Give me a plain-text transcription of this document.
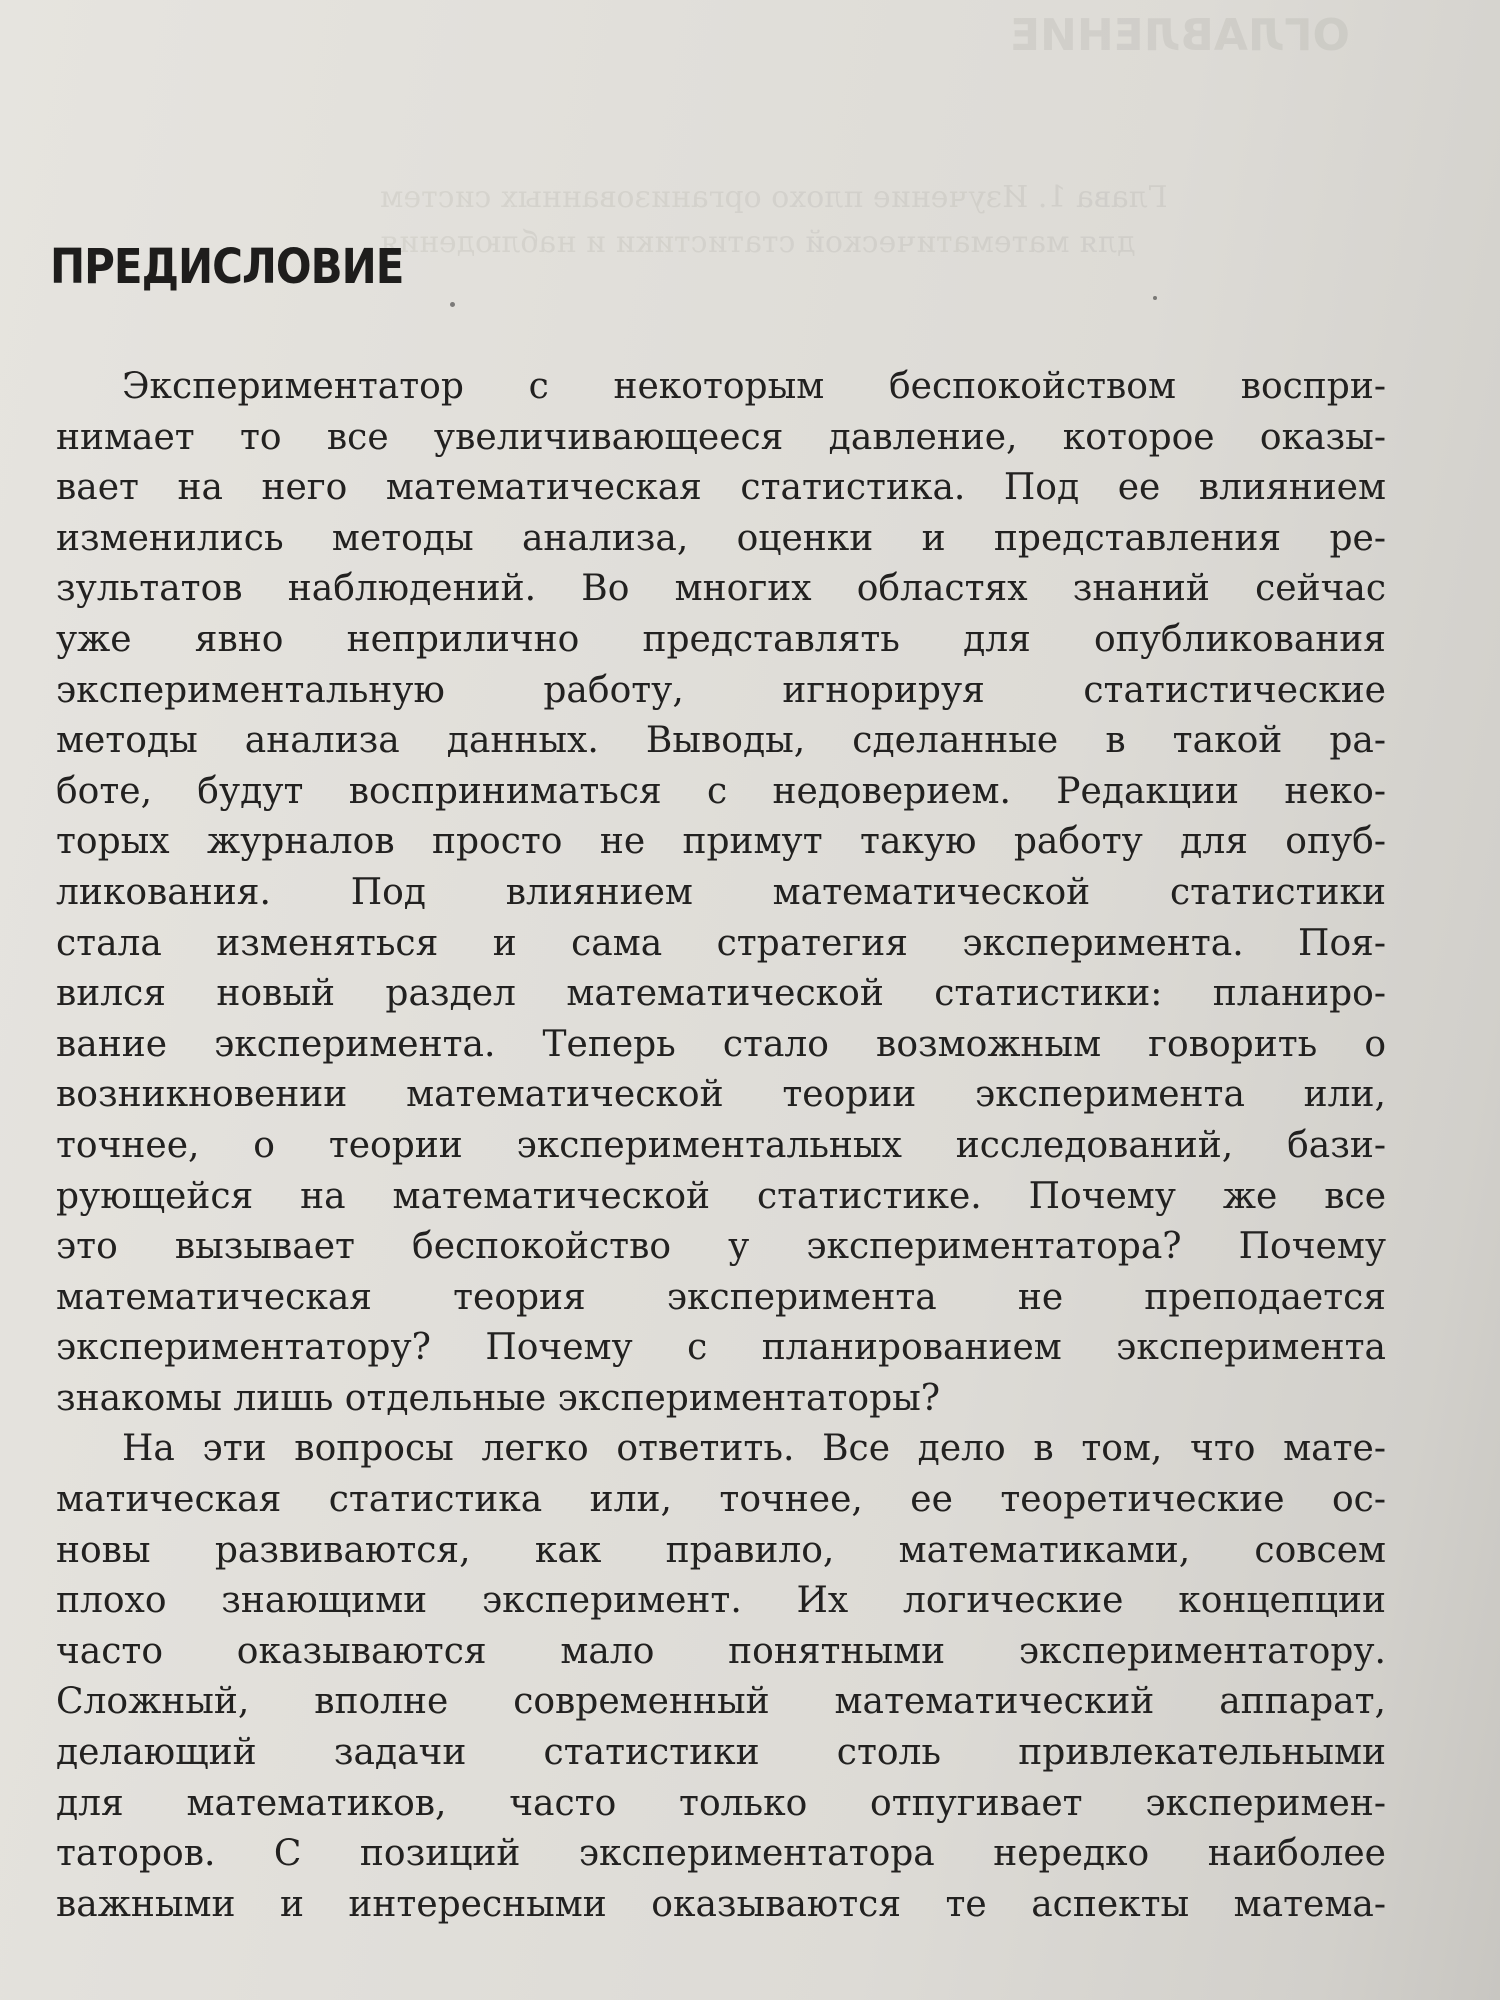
ОГЛАВЛЕНИЕ
Глава 1. Изучение плохо организованных систем
для математической статистики и наблюдения
ПРЕДИСЛОВИЕ
Экспериментатор с некоторым беспокойством воспри-
нимает то все увеличивающееся давление, которое оказы-
вает на него математическая статистика. Под ее влиянием
изменились методы анализа, оценки и представления ре-
зультатов наблюдений. Во многих областях знаний сейчас
уже явно неприлично представлять для опубликования
экспериментальную работу, игнорируя статистические
методы анализа данных. Выводы, сделанные в такой ра-
боте, будут восприниматься с недоверием. Редакции неко-
торых журналов просто не примут такую работу для опуб-
ликования. Под влиянием математической статистики
стала изменяться и сама стратегия эксперимента. Поя-
вился новый раздел математической статистики: планиро-
вание эксперимента. Теперь стало возможным говорить о
возникновении математической теории эксперимента или,
точнее, о теории экспериментальных исследований, бази-
рующейся на математической статистике. Почему же все
это вызывает беспокойство у экспериментатора? Почему
математическая теория эксперимента не преподается
экспериментатору? Почему с планированием эксперимента
знакомы лишь отдельные экспериментаторы?
На эти вопросы легко ответить. Все дело в том, что мате-
матическая статистика или, точнее, ее теоретические ос-
новы развиваются, как правило, математиками, совсем
плохо знающими эксперимент. Их логические концепции
часто оказываются мало понятными экспериментатору.
Сложный, вполне современный математический аппарат,
делающий задачи статистики столь привлекательными
для математиков, часто только отпугивает эксперимен-
таторов. С позиций экспериментатора нередко наиболее
важными и интересными оказываются те аспекты матема-
